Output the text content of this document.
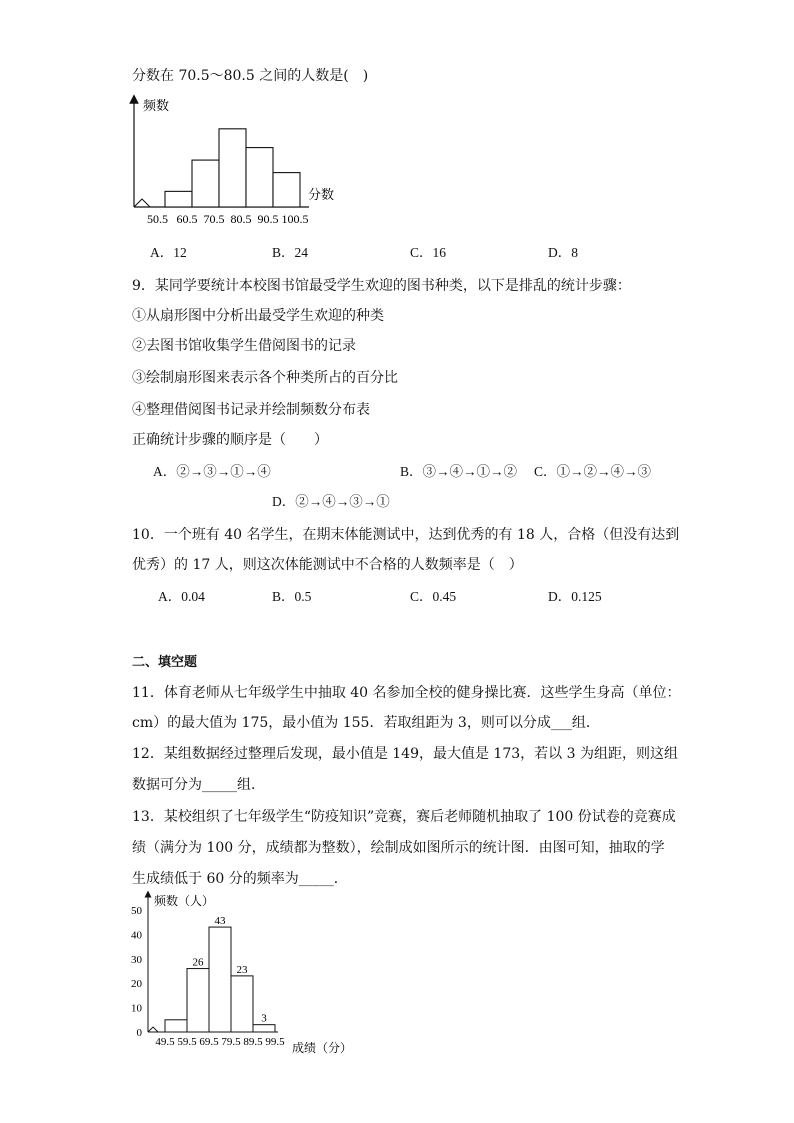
分数在 70.5～80.5 之间的人数是(　)
频数
分数
50.5 60.5 70.5 80.5 90.5 100.5
A．12	B．24	C．16	D．8
9．某同学要统计本校图书馆最受学生欢迎的图书种类，以下是排乱的统计步骤：
①从扇形图中分析出最受学生欢迎的种类
②去图书馆收集学生借阅图书的记录
③绘制扇形图来表示各个种类所占的百分比
④整理借阅图书记录并绘制频数分布表
正确统计步骤的顺序是（　　）
A．②→③→①→④	B．③→④→①→② C．①→②→④→③
D．②→④→③→①
10．一个班有 40 名学生，在期末体能测试中，达到优秀的有 18 人，合格（但没有达到
优秀）的 17 人，则这次体能测试中不合格的人数频率是（　）
A．0.04	B．0.5	C．0.45	D．0.125
二、填空题
11．体育老师从七年级学生中抽取 40 名参加全校的健身操比赛．这些学生身高（单位：
cm）的最大值为 175，最小值为 155．若取组距为 3，则可以分成___组．
12．某组数据经过整理后发现，最小值是 149，最大值是 173，若以 3 为组距，则这组
数据可分为_____组．
13．某校组织了七年级学生“防疫知识”竞赛，赛后老师随机抽取了 100 份试卷的竞赛成
绩（满分为 100 分，成绩都为整数），绘制成如图所示的统计图．由图可知，抽取的学
生成绩低于 60 分的频率为_____．
频数（人）
成绩（分）
0
10
20
30
40
50
26
43
23
3
49.5 59.5 69.5 79.5 89.5 99.5
